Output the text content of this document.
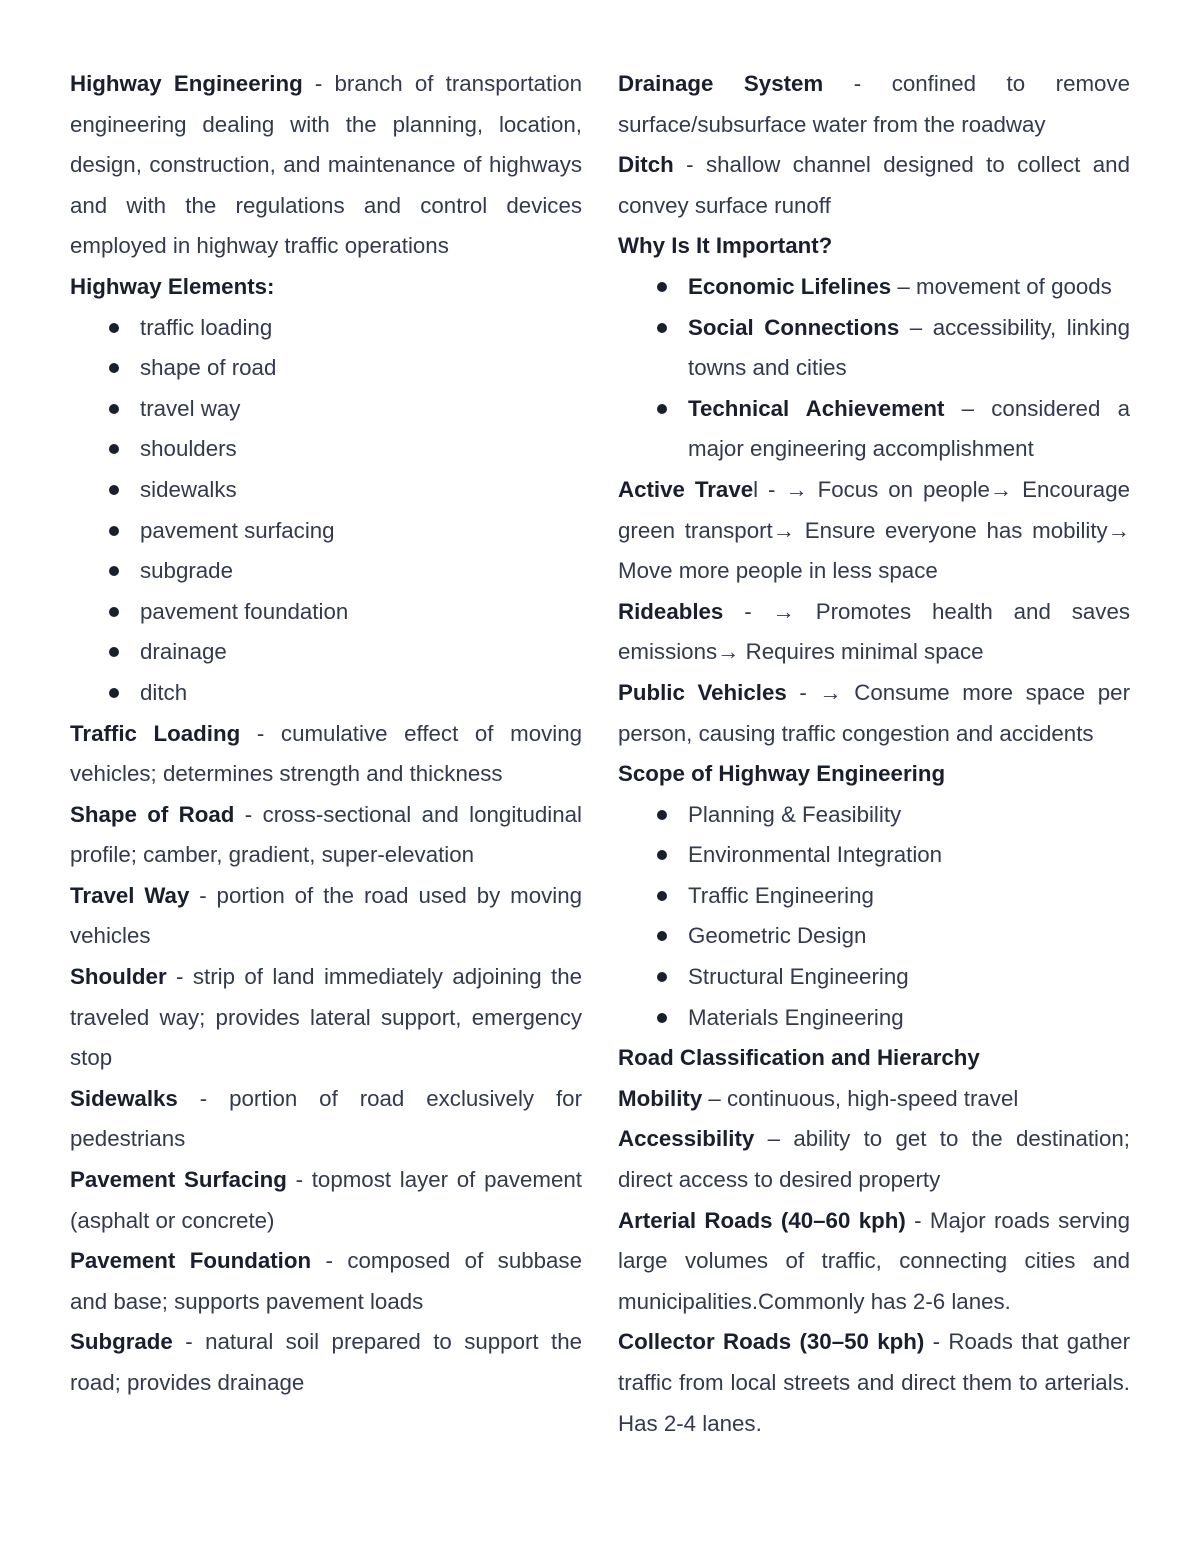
Highway Engineering - branch of transportation engineering dealing with the planning, location, design, construction, and maintenance of highways and with the regulations and control devices employed in highway traffic operations

Highway Elements:

traffic loading
shape of road
travel way
shoulders
sidewalks
pavement surfacing
subgrade
pavement foundation
drainage
ditch

Traffic Loading - cumulative effect of moving vehicles; determines strength and thickness

Shape of Road - cross-sectional and longitudinal profile; camber, gradient, super-elevation

Travel Way - portion of the road used by moving vehicles

Shoulder - strip of land immediately adjoining the traveled way; provides lateral support, emergency stop

Sidewalks - portion of road exclusively for pedestrians

Pavement Surfacing - topmost layer of pavement (asphalt or concrete)

Pavement Foundation - composed of subbase and base; supports pavement loads

Subgrade - natural soil prepared to support the road; provides drainage

Drainage System - confined to remove surface/subsurface water from the roadway

Ditch - shallow channel designed to collect and convey surface runoff

Why Is It Important?

Economic Lifelines – movement of goods
Social Connections – accessibility, linking towns and cities
Technical Achievement – considered a major engineering accomplishment

Active Travel - → Focus on people→ Encourage green transport→ Ensure everyone has mobility→ Move more people in less space

Rideables - → Promotes health and saves emissions→ Requires minimal space

Public Vehicles - → Consume more space per person, causing traffic congestion and accidents

Scope of Highway Engineering

Planning & Feasibility
Environmental Integration
Traffic Engineering
Geometric Design
Structural Engineering
Materials Engineering

Road Classification and Hierarchy

Mobility – continuous, high-speed travel

Accessibility – ability to get to the destination; direct access to desired property

Arterial Roads (40–60 kph) - Major roads serving large volumes of traffic, connecting cities and municipalities.Commonly has 2-6 lanes.

Collector Roads (30–50 kph) - Roads that gather traffic from local streets and direct them to arterials. Has 2-4 lanes.
